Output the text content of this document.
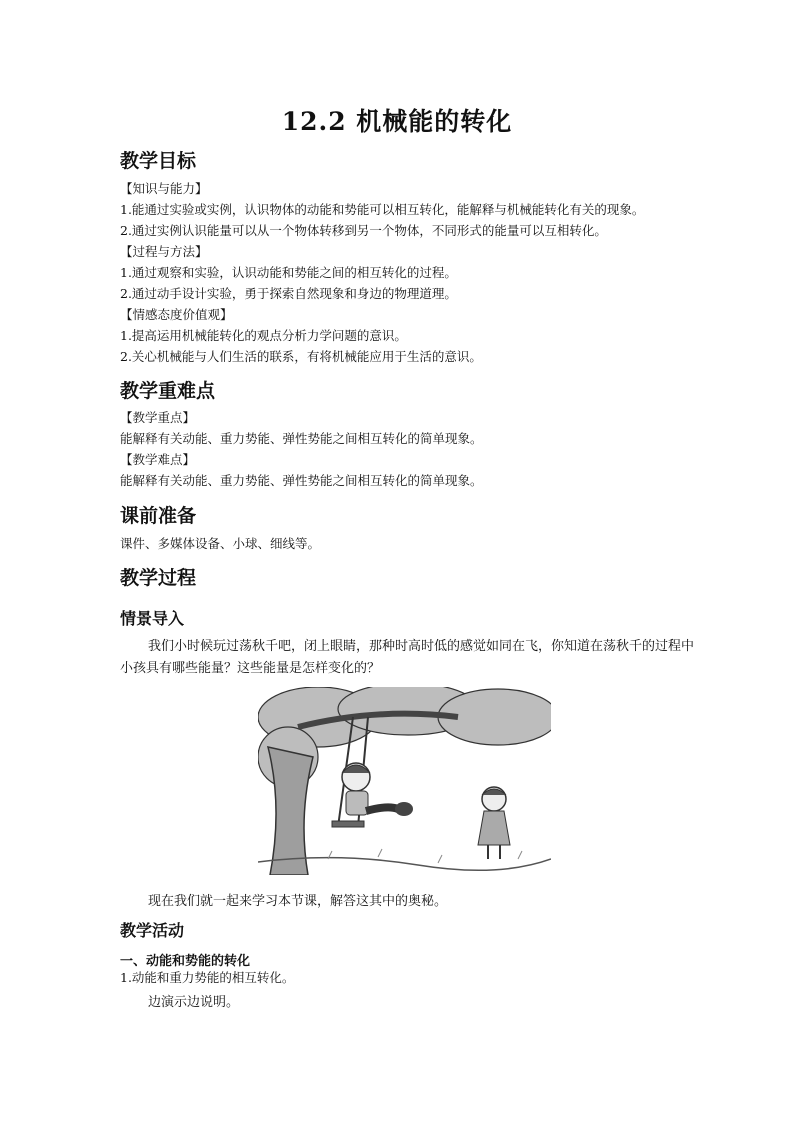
12.2 机械能的转化
教学目标
【知识与能力】
1.能通过实验或实例，认识物体的动能和势能可以相互转化，能解释与机械能转化有关的现象。
2.通过实例认识能量可以从一个物体转移到另一个物体，不同形式的能量可以互相转化。
【过程与方法】
1.通过观察和实验，认识动能和势能之间的相互转化的过程。
2.通过动手设计实验，勇于探索自然现象和身边的物理道理。
【情感态度价值观】
1.提高运用机械能转化的观点分析力学问题的意识。
2.关心机械能与人们生活的联系，有将机械能应用于生活的意识。
教学重难点
【教学重点】
能解释有关动能、重力势能、弹性势能之间相互转化的简单现象。
【教学难点】
能解释有关动能、重力势能、弹性势能之间相互转化的简单现象。
课前准备
课件、多媒体设备、小球、细线等。
教学过程
情景导入
我们小时候玩过荡秋千吧，闭上眼睛，那种时高时低的感觉如同在飞，你知道在荡秋千的过程中小孩具有哪些能量？这些能量是怎样变化的？
现在我们就一起来学习本节课，解答这其中的奥秘。
教学活动
一、动能和势能的转化
1.动能和重力势能的相互转化。
边演示边说明。
